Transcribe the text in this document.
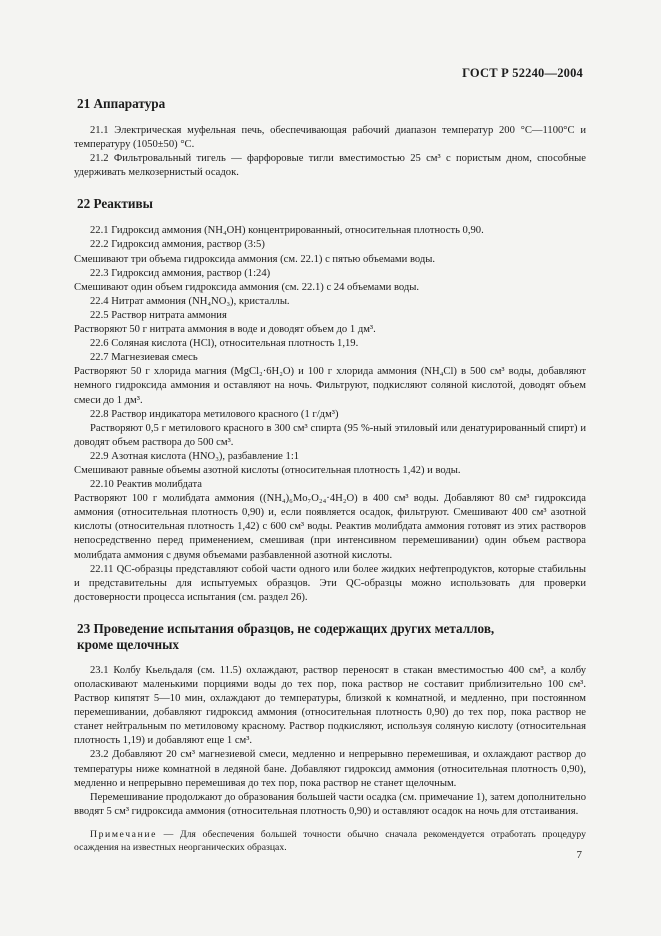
ГОСТ Р 52240—2004
21 Аппаратура

21.1 Электрическая муфельная печь, обеспечивающая рабочий диапазон температур 200 °С—1100°С и температуру (1050±50) °С.

21.2 Фильтровальный тигель — фарфоровые тигли вместимостью 25 см³ с пористым дном, способные удерживать мелкозернистый осадок.

22 Реактивы

22.1 Гидроксид аммония (NH₄OH) концентрированный, относительная плотность 0,90.

22.2 Гидроксид аммония, раствор (3:5)

Смешивают три объема гидроксида аммония (см. 22.1) с пятью объемами воды.

22.3 Гидроксид аммония, раствор (1:24)

Смешивают один объем гидроксида аммония (см. 22.1) с 24 объемами воды.

22.4 Нитрат аммония (NH₄NO₃), кристаллы.

22.5 Раствор нитрата аммония

Растворяют 50 г нитрата аммония в воде и доводят объем до 1 дм³.

22.6 Соляная кислота (HCl), относительная плотность 1,19.

22.7 Магнезиевая смесь

Растворяют 50 г хлорида магния (MgCl₂·6H₂O) и 100 г хлорида аммония (NH₄Cl) в 500 см³ воды, добавляют немного гидроксида аммония и оставляют на ночь. Фильтруют, подкисляют соляной кислотой, доводят объем смеси до 1 дм³.

22.8 Раствор индикатора метилового красного (1 г/дм³)

Растворяют 0,5 г метилового красного в 300 см³ спирта (95 %-ный этиловый или денатурированный спирт) и доводят объем раствора до 500 см³.

22.9 Азотная кислота (HNO₃), разбавление 1:1

Смешивают равные объемы азотной кислоты (относительная плотность 1,42) и воды.

22.10 Реактив молибдата

Растворяют 100 г молибдата аммония ((NH₄)₆Mo₇O₂₄·4H₂O) в 400 см³ воды. Добавляют 80 см³ гидроксида аммония (относительная плотность 0,90) и, если появляется осадок, фильтруют. Смешивают 400 см³ азотной кислоты (относительная плотность 1,42) с 600 см³ воды. Реактив молибдата аммония готовят из этих растворов непосредственно перед применением, смешивая (при интенсивном перемешивании) один объем раствора молибдата аммония с двумя объемами разбавленной азотной кислоты.

22.11 QC-образцы представляют собой части одного или более жидких нефтепродуктов, которые стабильны и представительны для испытуемых образцов. Эти QC-образцы можно использовать для проверки достоверности процесса испытания (см. раздел 26).

23 Проведение испытания образцов, не содержащих других металлов,
кроме щелочных

23.1 Колбу Кьельдаля (см. 11.5) охлаждают, раствор переносят в стакан вместимостью 400 см³, а колбу ополаскивают маленькими порциями воды до тех пор, пока раствор не составит приблизительно 100 см³. Раствор кипятят 5—10 мин, охлаждают до температуры, близкой к комнатной, и медленно, при постоянном перемешивании, добавляют гидроксид аммония (относительная плотность 0,90) до тех пор, пока раствор не станет нейтральным по метиловому красному. Раствор подкисляют, используя соляную кислоту (относительная плотность 1,19) и добавляют еще 1 см³.

23.2 Добавляют 20 см³ магнезиевой смеси, медленно и непрерывно перемешивая, и охлаждают раствор до температуры ниже комнатной в ледяной бане. Добавляют гидроксид аммония (относительная плотность 0,90), медленно и непрерывно перемешивая до тех пор, пока раствор не станет щелочным.

Перемешивание продолжают до образования большей части осадка (см. примечание 1), затем дополнительно вводят 5 см³ гидроксида аммония (относительная плотность 0,90) и оставляют осадок на ночь для отстаивания.

Примечание — Для обеспечения большей точности обычно сначала рекомендуется отработать процедуру осаждения на известных неорганических образцах.

7
